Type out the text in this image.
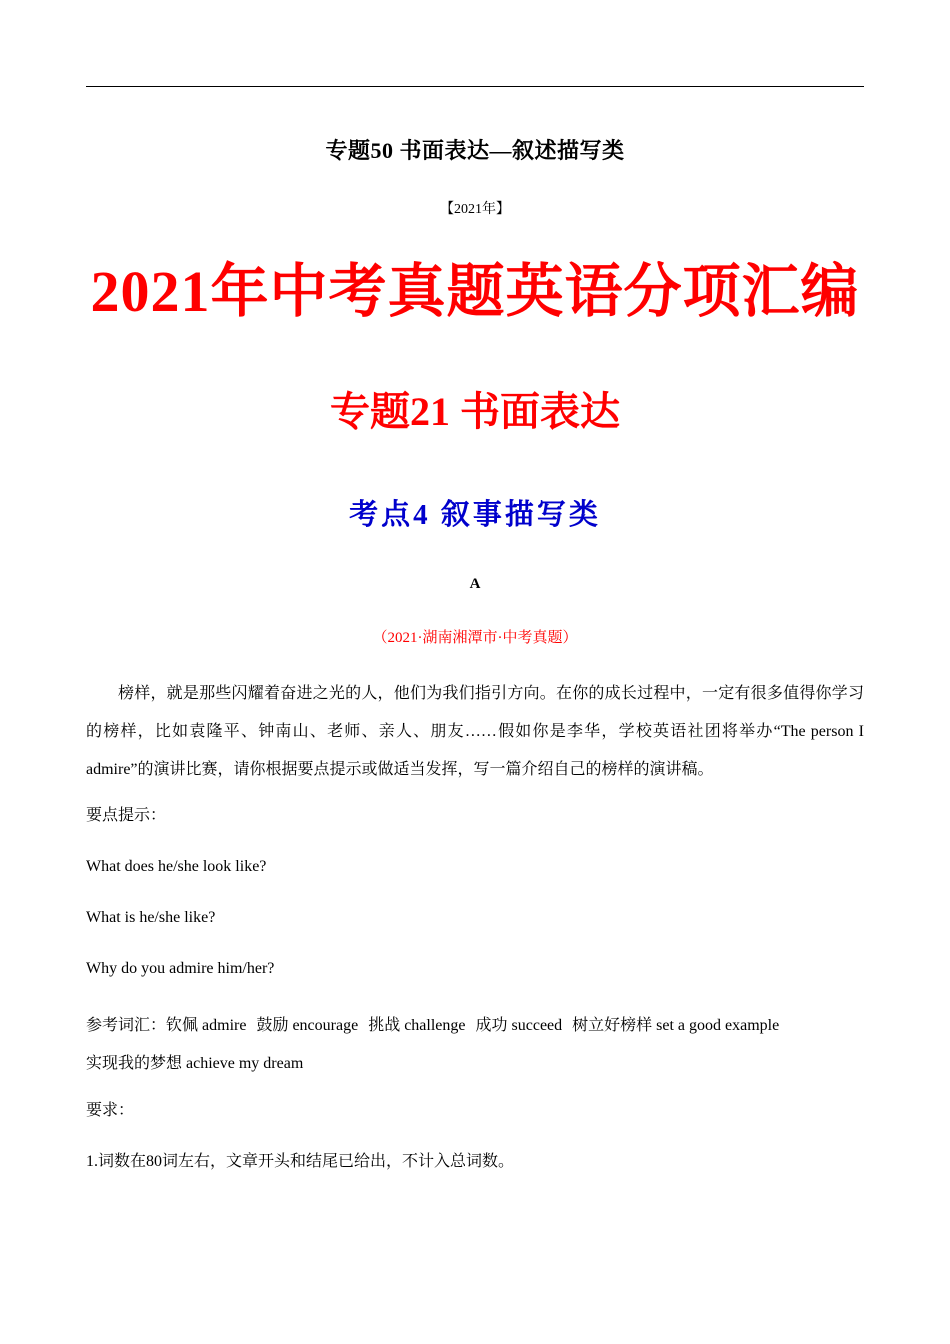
专题50 书面表达—叙述描写类
【2021年】
2021年中考真题英语分项汇编
专题21 书面表达
考点4 叙事描写类
A
（2021·湖南湘潭市·中考真题）
榜样，就是那些闪耀着奋进之光的人，他们为我们指引方向。在你的成长过程中，一定有很多值得你学习的榜样，比如袁隆平、钟南山、老师、亲人、朋友……假如你是李华，学校英语社团将举办“The person I admire”的演讲比赛，请你根据要点提示或做适当发挥，写一篇介绍自己的榜样的演讲稿。
要点提示：
What does he/she look like?
What is he/she like?
Why do you admire him/her?
参考词汇：钦佩 admire 鼓励 encourage 挑战 challenge 成功 succeed 树立好榜样 set a good example
实现我的梦想 achieve my dream
要求：
1.词数在80词左右，文章开头和结尾已给出，不计入总词数。
